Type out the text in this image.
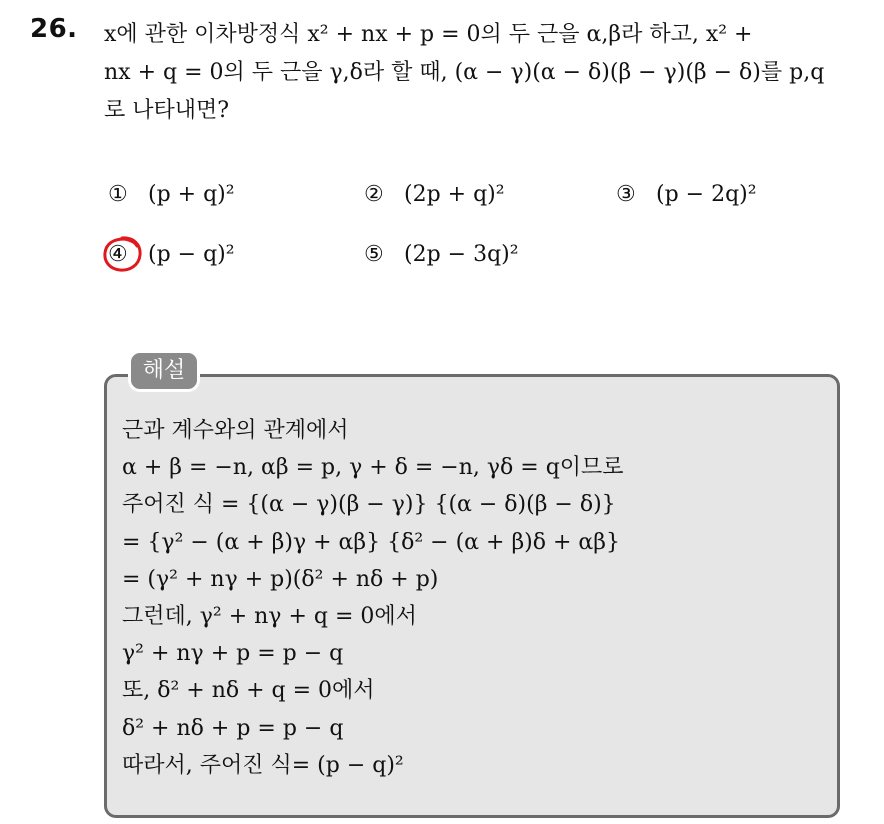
26. x에 관한 이차방정식 x² + nx + p = 0의 두 근을 α,β라 하고, x² +
nx + q = 0의 두 근을 γ,δ라 할 때, (α − γ)(α − δ)(β − γ)(β − δ)를 p,q
로 나타내면?
① (p + q)²	② (2p + q)²	③ (p − 2q)²
④ (p − q)²	⑤ (2p − 3q)²
해설
근과 계수와의 관계에서
α + β = −n, αβ = p, γ + δ = −n, γδ = q이므로
주어진 식 = {(α − γ)(β − γ)} {(α − δ)(β − δ)}
= {γ² − (α + β)γ + αβ} {δ² − (α + β)δ + αβ}
= (γ² + nγ + p)(δ² + nδ + p)
그런데, γ² + nγ + q = 0에서
γ² + nγ + p = p − q
또, δ² + nδ + q = 0에서
δ² + nδ + p = p − q
따라서, 주어진 식= (p − q)²
